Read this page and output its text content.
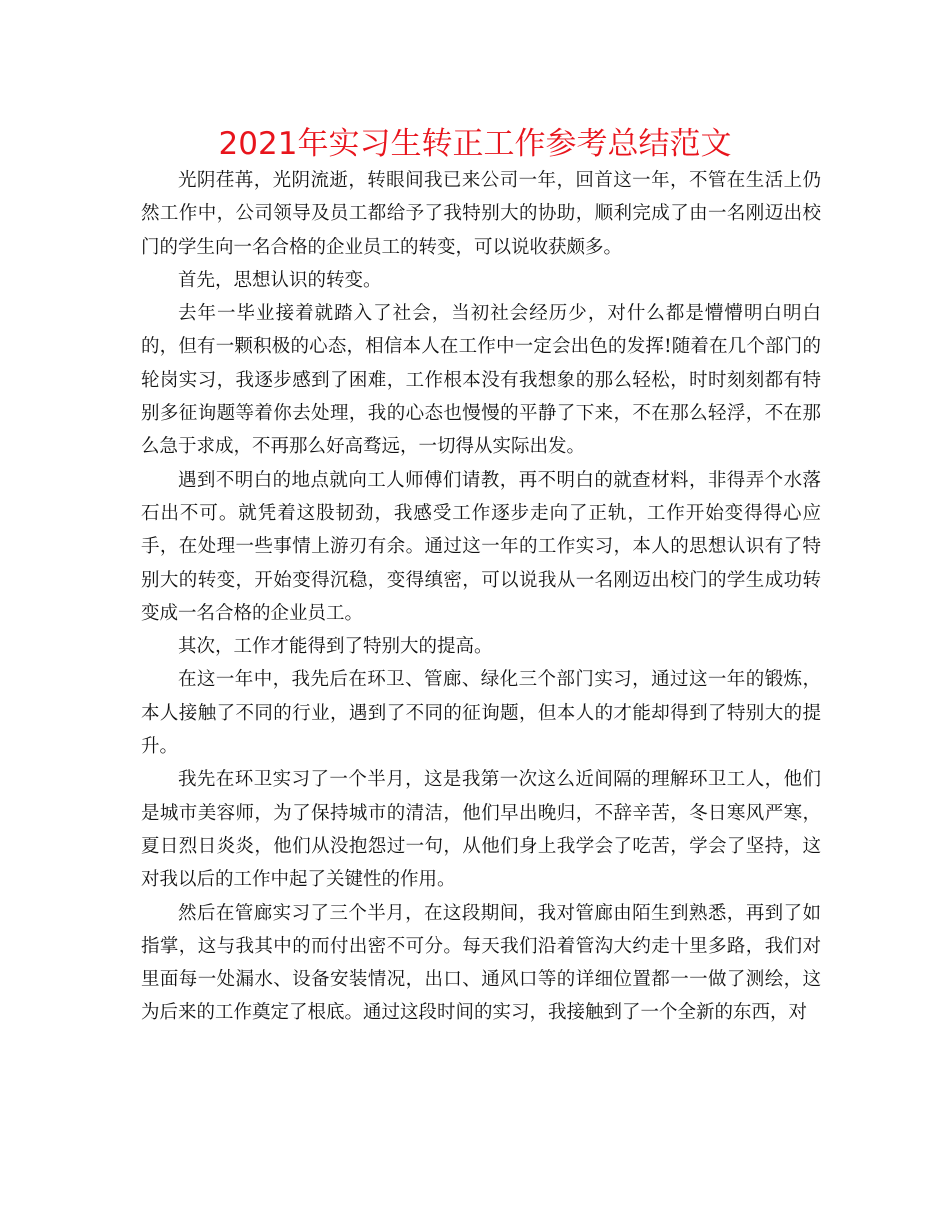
2021年实习生转正工作参考总结范文

光阴荏苒，光阴流逝，转眼间我已来公司一年，回首这一年，不管在生活上仍然工作中，公司领导及员工都给予了我特别大的协助，顺利完成了由一名刚迈出校门的学生向一名合格的企业员工的转变，可以说收获颇多。

首先，思想认识的转变。

去年一毕业接着就踏入了社会，当初社会经历少，对什么都是懵懵明白明白的，但有一颗积极的心态，相信本人在工作中一定会出色的发挥!随着在几个部门的轮岗实习，我逐步感到了困难，工作根本没有我想象的那么轻松，时时刻刻都有特别多征询题等着你去处理，我的心态也慢慢的平静了下来，不在那么轻浮，不在那么急于求成，不再那么好高骛远，一切得从实际出发。

遇到不明白的地点就向工人师傅们请教，再不明白的就查材料，非得弄个水落石出不可。就凭着这股韧劲，我感受工作逐步走向了正轨，工作开始变得得心应手，在处理一些事情上游刃有余。通过这一年的工作实习，本人的思想认识有了特别大的转变，开始变得沉稳，变得缜密，可以说我从一名刚迈出校门的学生成功转变成一名合格的企业员工。

其次，工作才能得到了特别大的提高。

在这一年中，我先后在环卫、管廊、绿化三个部门实习，通过这一年的锻炼，本人接触了不同的行业，遇到了不同的征询题，但本人的才能却得到了特别大的提升。

我先在环卫实习了一个半月，这是我第一次这么近间隔的理解环卫工人，他们是城市美容师，为了保持城市的清洁，他们早出晚归，不辞辛苦，冬日寒风严寒，夏日烈日炎炎，他们从没抱怨过一句，从他们身上我学会了吃苦，学会了坚持，这对我以后的工作中起了关键性的作用。

然后在管廊实习了三个半月，在这段期间，我对管廊由陌生到熟悉，再到了如指掌，这与我其中的而付出密不可分。每天我们沿着管沟大约走十里多路，我们对里面每一处漏水、设备安装情况，出口、通风口等的详细位置都一一做了测绘，这为后来的工作奠定了根底。通过这段时间的实习，我接触到了一个全新的东西，对
